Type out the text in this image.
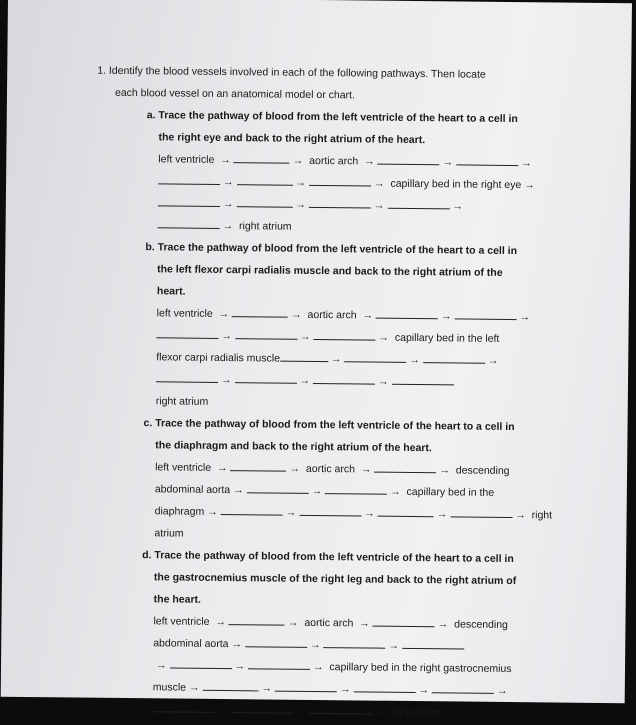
1. Identify the blood vessels involved in each of the following pathways. Then locate
each blood vessel on an anatomical model or chart.
a. Trace the pathway of blood from the left ventricle of the heart to a cell in
the right eye and back to the right atrium of the heart.
left ventricle →	→ aortic arch →	→	→
→	→	→ capillary bed in the right eye →
→	→	→	→
→ right atrium
b. Trace the pathway of blood from the left ventricle of the heart to a cell in
the left flexor carpi radialis muscle and back to the right atrium of the
heart.
left ventricle →	→ aortic arch →	→	→
→	→	→ capillary bed in the left
flexor carpi radialis muscle	→	→	→
→	→	→
right atrium
c. Trace the pathway of blood from the left ventricle of the heart to a cell in
the diaphragm and back to the right atrium of the heart.
left ventricle →	→ aortic arch →	→ descending
abdominal aorta →	→	→ capillary bed in the
diaphragm →	→	→	→	→ right
atrium
d. Trace the pathway of blood from the left ventricle of the heart to a cell in
the gastrocnemius muscle of the right leg and back to the right atrium of
the heart.
left ventricle →	→ aortic arch →	→ descending
abdominal aorta →	→	→
→	→	→ capillary bed in the right gastrocnemius
muscle →	→	→	→	→
→	→	→ right atrium
